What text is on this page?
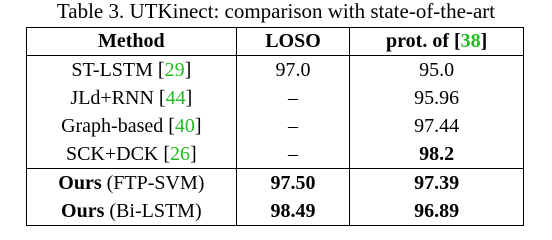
Table 3. UTKinect: comparison with state-of-the-art
Method	LOSO	prot. of [38]
ST-LSTM [29]	97.0	95.0
JLd+RNN [44]	–	95.96
Graph-based [40]	–	97.44
SCK+DCK [26]	–	98.2
Ours (FTP-SVM)	97.50	97.39
Ours (Bi-LSTM)	98.49	96.89
